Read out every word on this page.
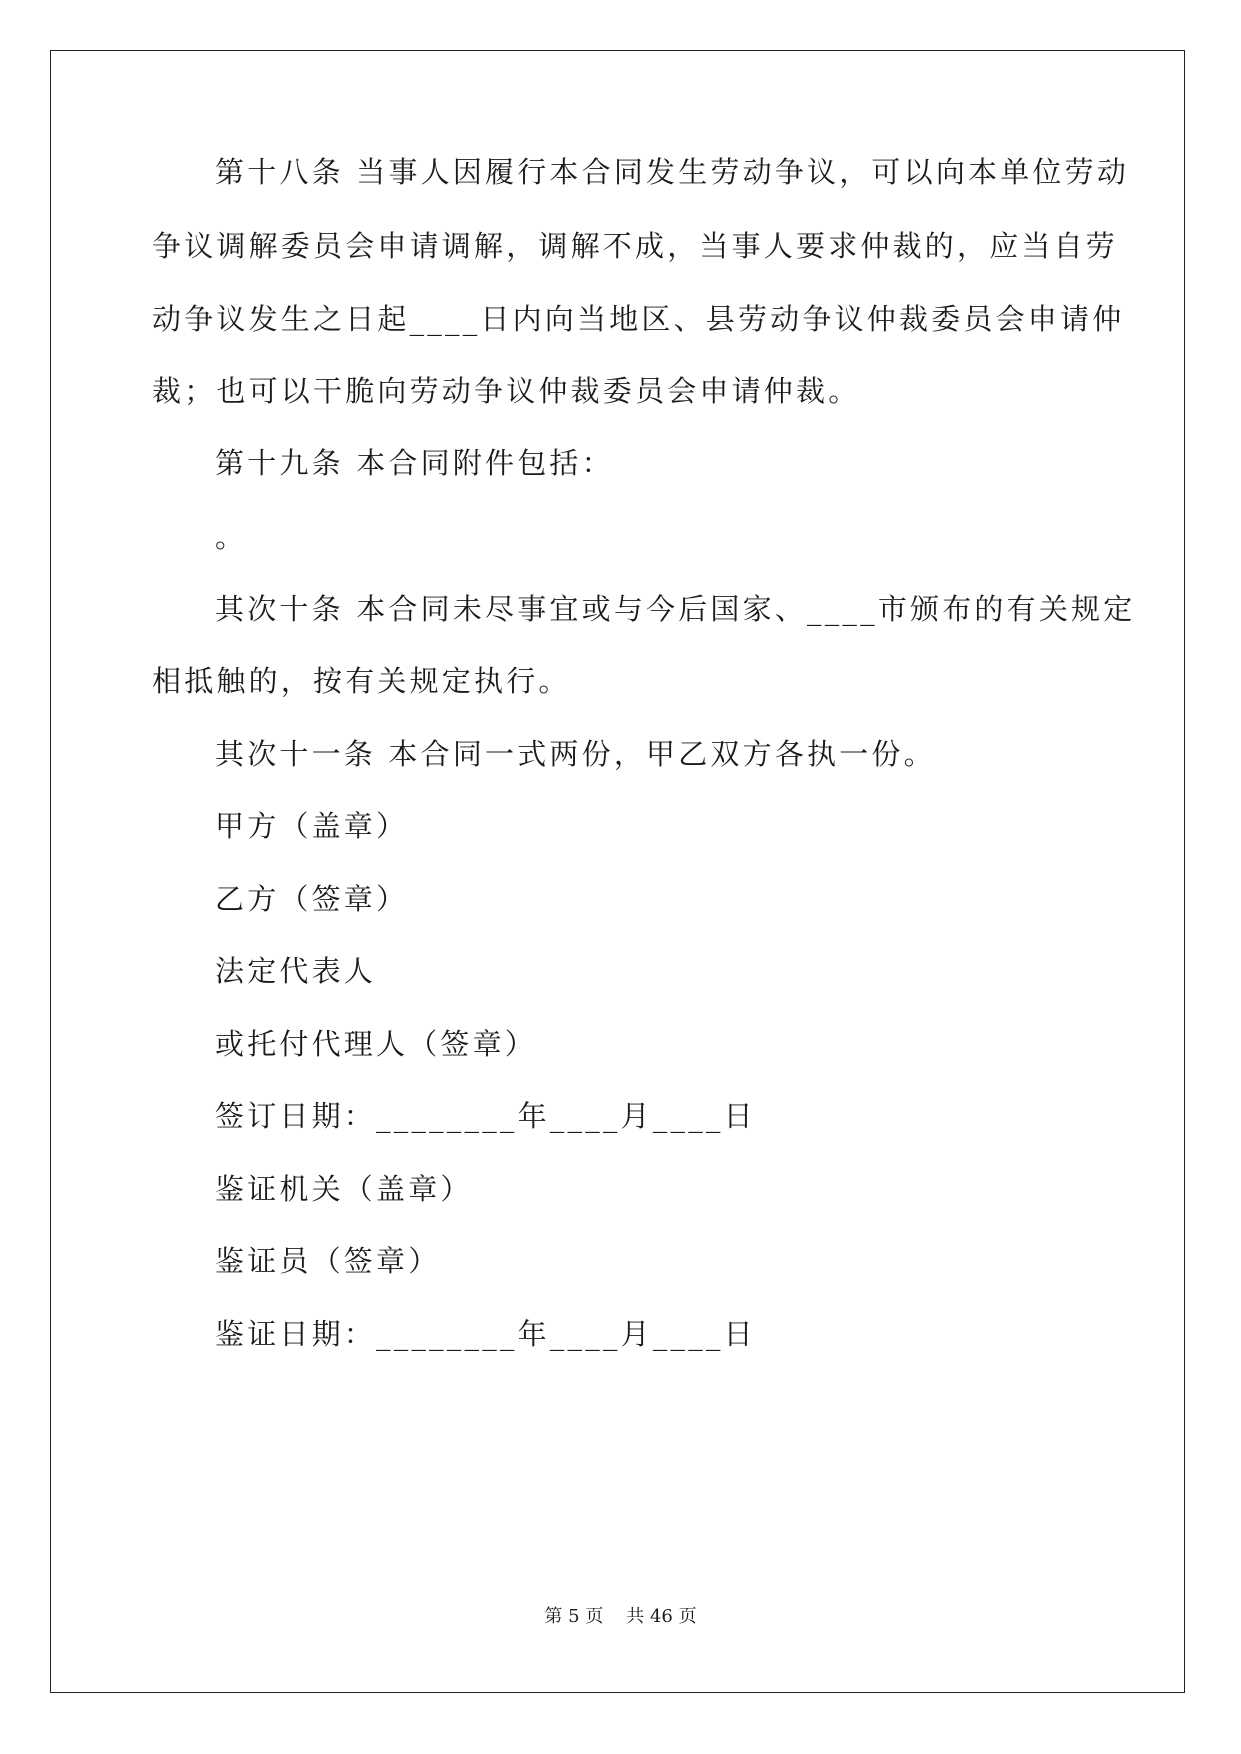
第十八条 当事人因履行本合同发生劳动争议，可以向本单位劳动
争议调解委员会申请调解，调解不成，当事人要求仲裁的，应当自劳
动争议发生之日起____日内向当地区、县劳动争议仲裁委员会申请仲
裁；也可以干脆向劳动争议仲裁委员会申请仲裁。
第十九条 本合同附件包括：
。
其次十条 本合同未尽事宜或与今后国家、____市颁布的有关规定
相抵触的，按有关规定执行。
其次十一条 本合同一式两份，甲乙双方各执一份。
甲方（盖章）
乙方（签章）
法定代表人
或托付代理人（签章）
签订日期：________年____月____日
鉴证机关（盖章）
鉴证员（签章）
鉴证日期：________年____月____日
第 5 页 共 46 页
